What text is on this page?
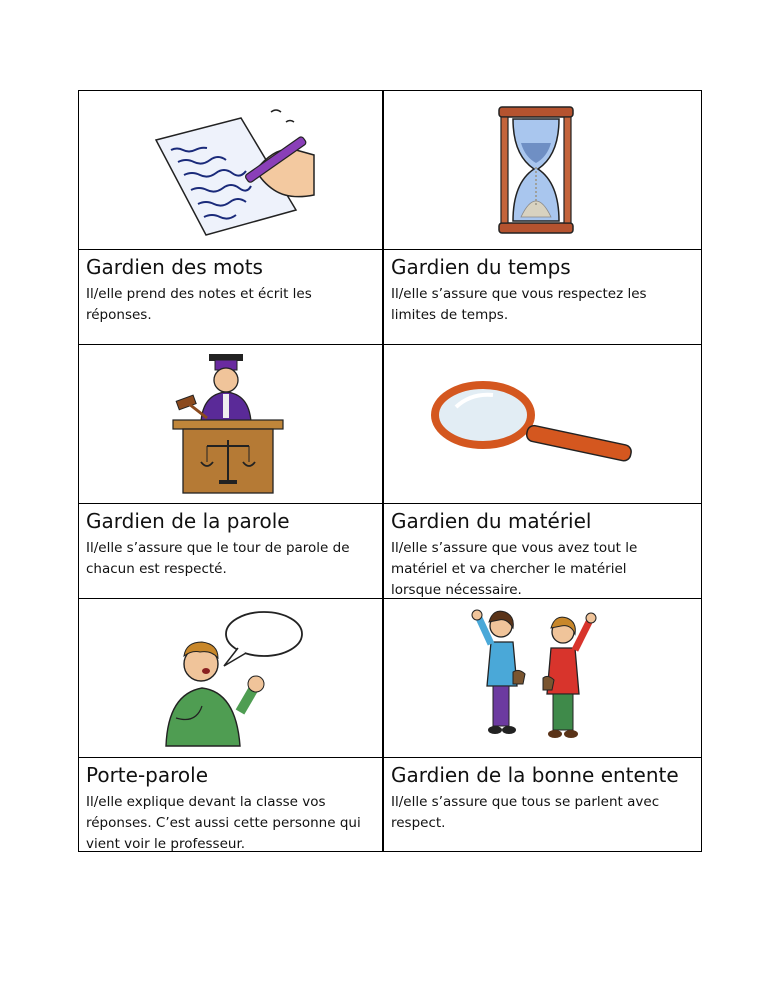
Gardien des mots
Il/elle prend des notes et écrit les réponses.
Gardien du temps
Il/elle s’assure que vous respectez les limites de temps.
Gardien de la parole
Il/elle s’assure que le tour de parole de chacun est respecté.
Gardien du matériel
Il/elle s’assure que vous avez tout le matériel et va chercher le matériel lorsque nécessaire.
Porte-parole
Il/elle explique devant la classe vos réponses. C’est aussi cette personne qui vient voir le professeur.
Gardien de la bonne entente
Il/elle s’assure que tous se parlent avec respect.
